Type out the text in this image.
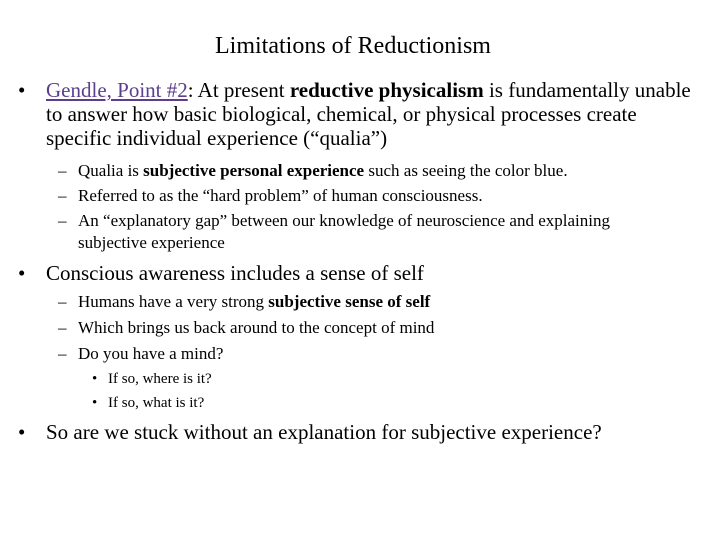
Limitations of Reductionism
• Gendle, Point #2: At present reductive physicalism is fundamentally unable to answer how basic biological, chemical, or physical processes create specific individual experience (“qualia”)
– Qualia is subjective personal experience such as seeing the color blue.
– Referred to as the “hard problem” of human consciousness.
– An “explanatory gap” between our knowledge of neuroscience and explaining subjective experience
• Conscious awareness includes a sense of self
– Humans have a very strong subjective sense of self
– Which brings us back around to the concept of mind
– Do you have a mind?
• If so, where is it?
• If so, what is it?
• So are we stuck without an explanation for subjective experience?
